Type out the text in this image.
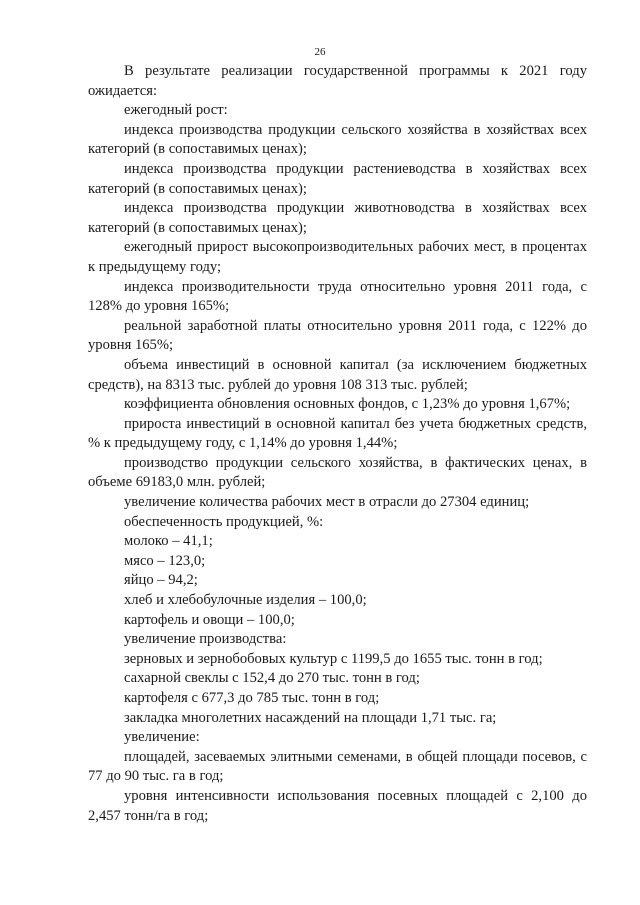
26

В результате реализации государственной программы к 2021 году ожидается:

ежегодный рост:

индекса производства продукции сельского хозяйства в хозяйствах всех категорий (в сопоставимых ценах);

индекса производства продукции растениеводства в хозяйствах всех категорий (в сопоставимых ценах);

индекса производства продукции животноводства в хозяйствах всех категорий (в сопоставимых ценах);

ежегодный прирост высокопроизводительных рабочих мест, в процентах к предыдущему году;

индекса производительности труда относительно уровня 2011 года, с 128% до уровня 165%;

реальной заработной платы относительно уровня 2011 года, с 122% до уровня 165%;

объема инвестиций в основной капитал (за исключением бюджетных средств), на 8313 тыс. рублей до уровня 108 313 тыс. рублей;

коэффициента обновления основных фондов, с 1,23% до уровня 1,67%;

прироста инвестиций в основной капитал без учета бюджетных средств, % к предыдущему году, с 1,14% до уровня 1,44%;

производство продукции сельского хозяйства, в фактических ценах, в объеме 69183,0 млн. рублей;

увеличение количества рабочих мест в отрасли до 27304 единиц;

обеспеченность продукцией, %:

молоко – 41,1;

мясо – 123,0;

яйцо – 94,2;

хлеб и хлебобулочные изделия – 100,0;

картофель и овощи – 100,0;

увеличение производства:

зерновых и зернобобовых культур с 1199,5 до 1655 тыс. тонн в год;

сахарной свеклы с 152,4 до 270 тыс. тонн в год;

картофеля с 677,3 до 785 тыс. тонн в год;

закладка многолетних насаждений на площади 1,71 тыс. га;

увеличение:

площадей, засеваемых элитными семенами, в общей площади посевов, с 77 до 90 тыс. га в год;

уровня интенсивности использования посевных площадей с 2,100 до 2,457 тонн/га в год;
